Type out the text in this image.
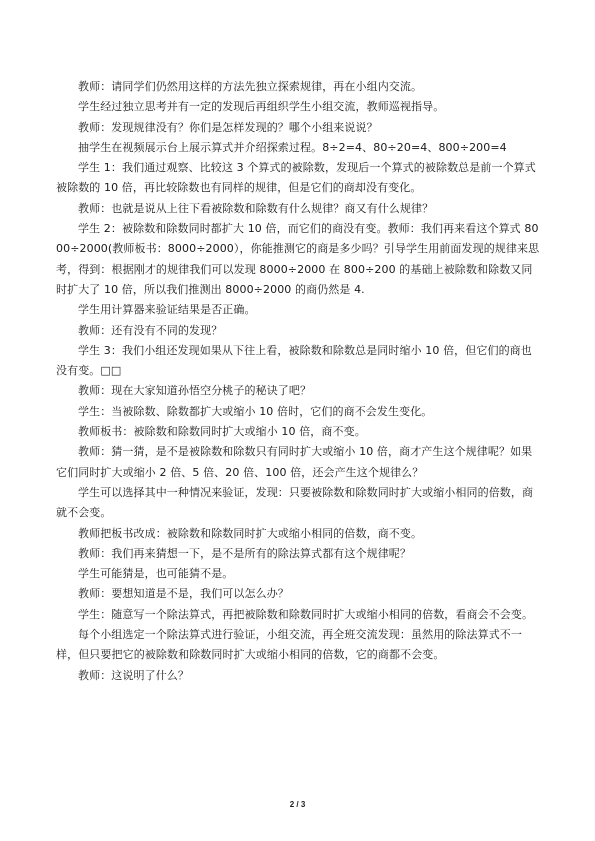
教师：请同学们仍然用这样的方法先独立探索规律，再在小组内交流。

学生经过独立思考并有一定的发现后再组织学生小组交流，教师巡视指导。

教师：发现规律没有？你们是怎样发现的？哪个小组来说说？

抽学生在视频展示台上展示算式并介绍探索过程。8÷2=4、80÷20=4、800÷200=4

学生 1：我们通过观察、比较这 3 个算式的被除数，发现后一个算式的被除数总是前一个算式被除数的 10 倍，再比较除数也有同样的规律，但是它们的商却没有变化。

教师：也就是说从上往下看被除数和除数有什么规律？商又有什么规律？

学生 2：被除数和除数同时都扩大 10 倍，而它们的商没有变。教师：我们再来看这个算式 8000÷2000(教师板书：8000÷2000），你能推测它的商是多少吗？引导学生用前面发现的规律来思考，得到：根据刚才的规律我们可以发现 8000÷2000 在 800÷200 的基础上被除数和除数又同时扩大了 10 倍，所以我们推测出 8000÷2000 的商仍然是 4.

学生用计算器来验证结果是否正确。

教师：还有没有不同的发现？

学生 3：我们小组还发现如果从下往上看，被除数和除数总是同时缩小 10 倍，但它们的商也没有变。□□

教师：现在大家知道孙悟空分桃子的秘诀了吧？

学生：当被除数、除数都扩大或缩小 10 倍时，它们的商不会发生变化。

教师板书：被除数和除数同时扩大或缩小 10 倍，商不变。

教师：猜一猜，是不是被除数和除数只有同时扩大或缩小 10 倍，商才产生这个规律呢？如果它们同时扩大或缩小 2 倍、5 倍、20 倍、100 倍，还会产生这个规律么？

学生可以选择其中一种情况来验证，发现：只要被除数和除数同时扩大或缩小相同的倍数，商就不会变。

教师把板书改成：被除数和除数同时扩大或缩小相同的倍数，商不变。

教师：我们再来猜想一下，是不是所有的除法算式都有这个规律呢？

学生可能猜是，也可能猜不是。

教师：要想知道是不是，我们可以怎么办？

学生：随意写一个除法算式，再把被除数和除数同时扩大或缩小相同的倍数，看商会不会变。

每个小组选定一个除法算式进行验证，小组交流，再全班交流发现：虽然用的除法算式不一样，但只要把它的被除数和除数同时扩大或缩小相同的倍数，它的商都不会变。

教师：这说明了什么？

2 / 3
